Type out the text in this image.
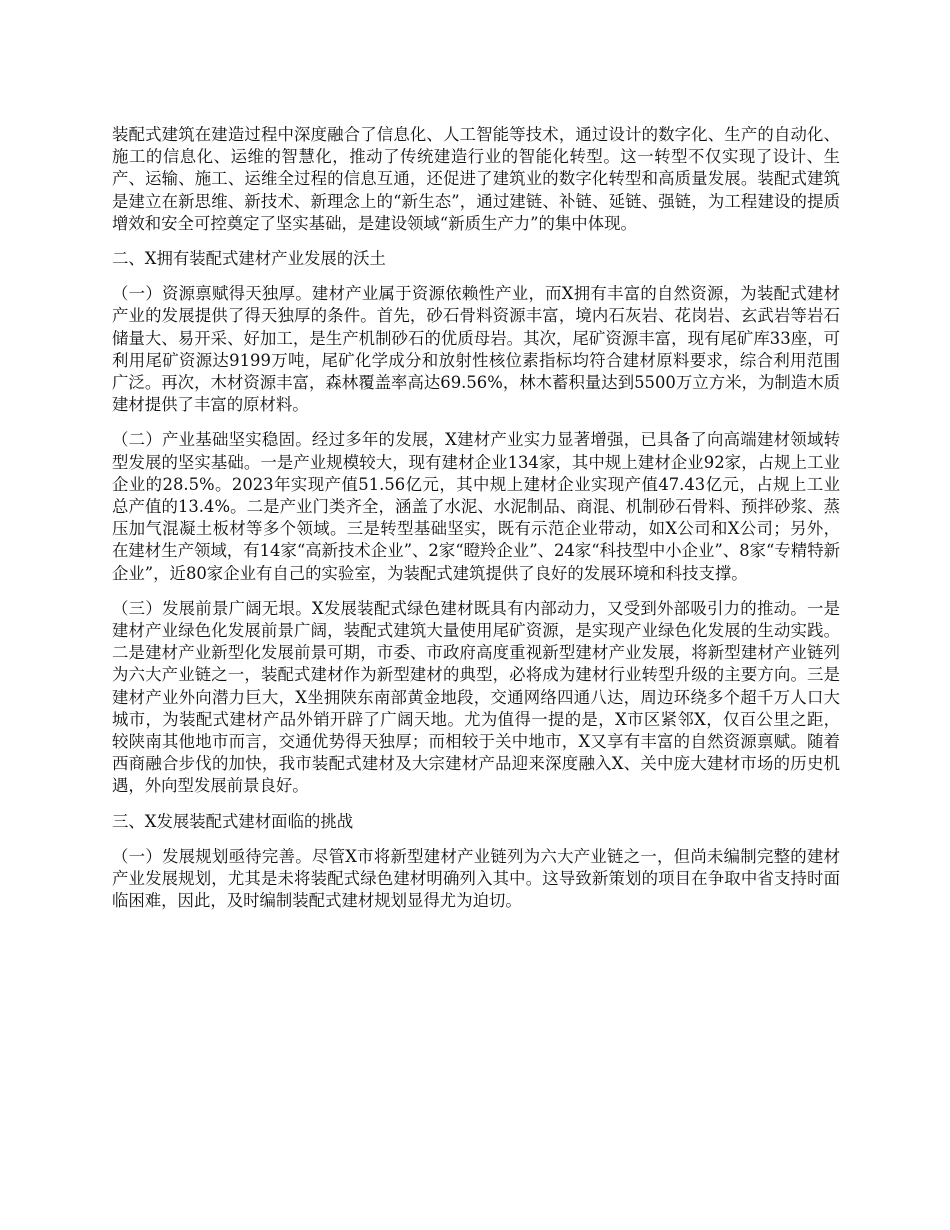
装配式建筑在建造过程中深度融合了信息化、人工智能等技术，通过设计的数字化、生产的自动化、施工的信息化、运维的智慧化，推动了传统建造行业的智能化转型。这一转型不仅实现了设计、生产、运输、施工、运维全过程的信息互通，还促进了建筑业的数字化转型和高质量发展。装配式建筑是建立在新思维、新技术、新理念上的“新生态”，通过建链、补链、延链、强链，为工程建设的提质增效和安全可控奠定了坚实基础，是建设领域“新质生产力”的集中体现。

二、X拥有装配式建材产业发展的沃土

（一）资源禀赋得天独厚。建材产业属于资源依赖性产业，而X拥有丰富的自然资源，为装配式建材产业的发展提供了得天独厚的条件。首先，砂石骨料资源丰富，境内石灰岩、花岗岩、玄武岩等岩石储量大、易开采、好加工，是生产机制砂石的优质母岩。其次，尾矿资源丰富，现有尾矿库33座，可利用尾矿资源达9199万吨，尾矿化学成分和放射性核位素指标均符合建材原料要求，综合利用范围广泛。再次，木材资源丰富，森林覆盖率高达69.56%，林木蓄积量达到5500万立方米，为制造木质建材提供了丰富的原材料。

（二）产业基础坚实稳固。经过多年的发展，X建材产业实力显著增强，已具备了向高端建材领域转型发展的坚实基础。一是产业规模较大，现有建材企业134家，其中规上建材企业92家，占规上工业企业的28.5%。2023年实现产值51.56亿元，其中规上建材企业实现产值47.43亿元，占规上工业总产值的13.4%。二是产业门类齐全，涵盖了水泥、水泥制品、商混、机制砂石骨料、预拌砂浆、蒸压加气混凝土板材等多个领域。三是转型基础坚实，既有示范企业带动，如X公司和X公司；另外，在建材生产领域，有14家“高新技术企业”、2家“瞪羚企业”、24家“科技型中小企业”、8家“专精特新企业”，近80家企业有自己的实验室，为装配式建筑提供了良好的发展环境和科技支撑。

（三）发展前景广阔无垠。X发展装配式绿色建材既具有内部动力，又受到外部吸引力的推动。一是建材产业绿色化发展前景广阔，装配式建筑大量使用尾矿资源，是实现产业绿色化发展的生动实践。二是建材产业新型化发展前景可期，市委、市政府高度重视新型建材产业发展，将新型建材产业链列为六大产业链之一，装配式建材作为新型建材的典型，必将成为建材行业转型升级的主要方向。三是建材产业外向潜力巨大，X坐拥陕东南部黄金地段，交通网络四通八达，周边环绕多个超千万人口大城市，为装配式建材产品外销开辟了广阔天地。尤为值得一提的是，X市区紧邻X，仅百公里之距，较陕南其他地市而言，交通优势得天独厚；而相较于关中地市，X又享有丰富的自然资源禀赋。随着西商融合步伐的加快，我市装配式建材及大宗建材产品迎来深度融入X、关中庞大建材市场的历史机遇，外向型发展前景良好。

三、X发展装配式建材面临的挑战

（一）发展规划亟待完善。尽管X市将新型建材产业链列为六大产业链之一，但尚未编制完整的建材产业发展规划，尤其是未将装配式绿色建材明确列入其中。这导致新策划的项目在争取中省支持时面临困难，因此，及时编制装配式建材规划显得尤为迫切。
